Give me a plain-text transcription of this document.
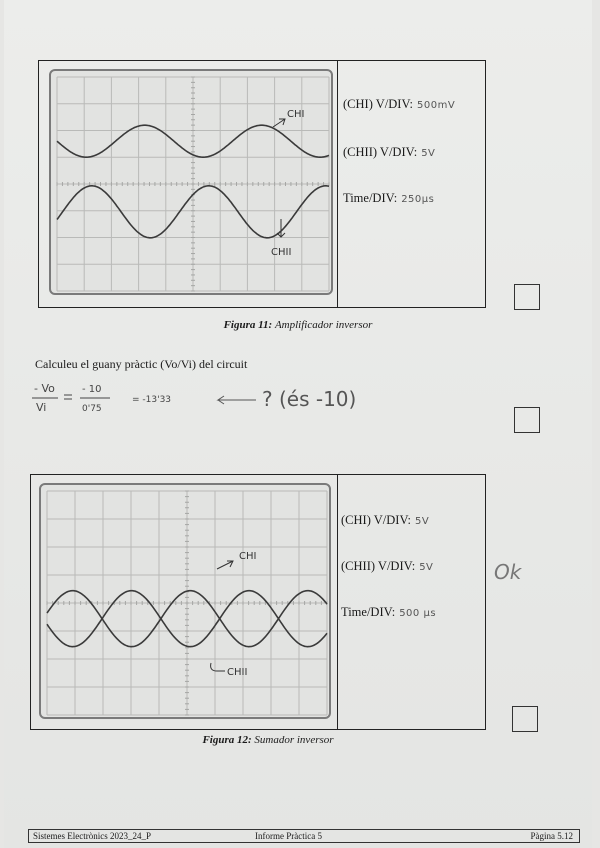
CHI
CHII
(CHI) V/DIV: 500mV
(CHII) V/DIV: 5V
Time/DIV: 250μs
Figura 11: Amplificador inversor
Calculeu el guany pràctic (Vo/Vi) del circuit
- Vo
Vi
- 10
0'75
= -13'33	? (és -10)
CHI
CHII
(CHI) V/DIV: 5V
(CHII) V/DIV: 5V
Time/DIV: 500 μs
Ok
Figura 12: Sumador inversor
Sistemes Electrònics 2023_24_P	Informe Pràctica 5	Pàgina 5.12
